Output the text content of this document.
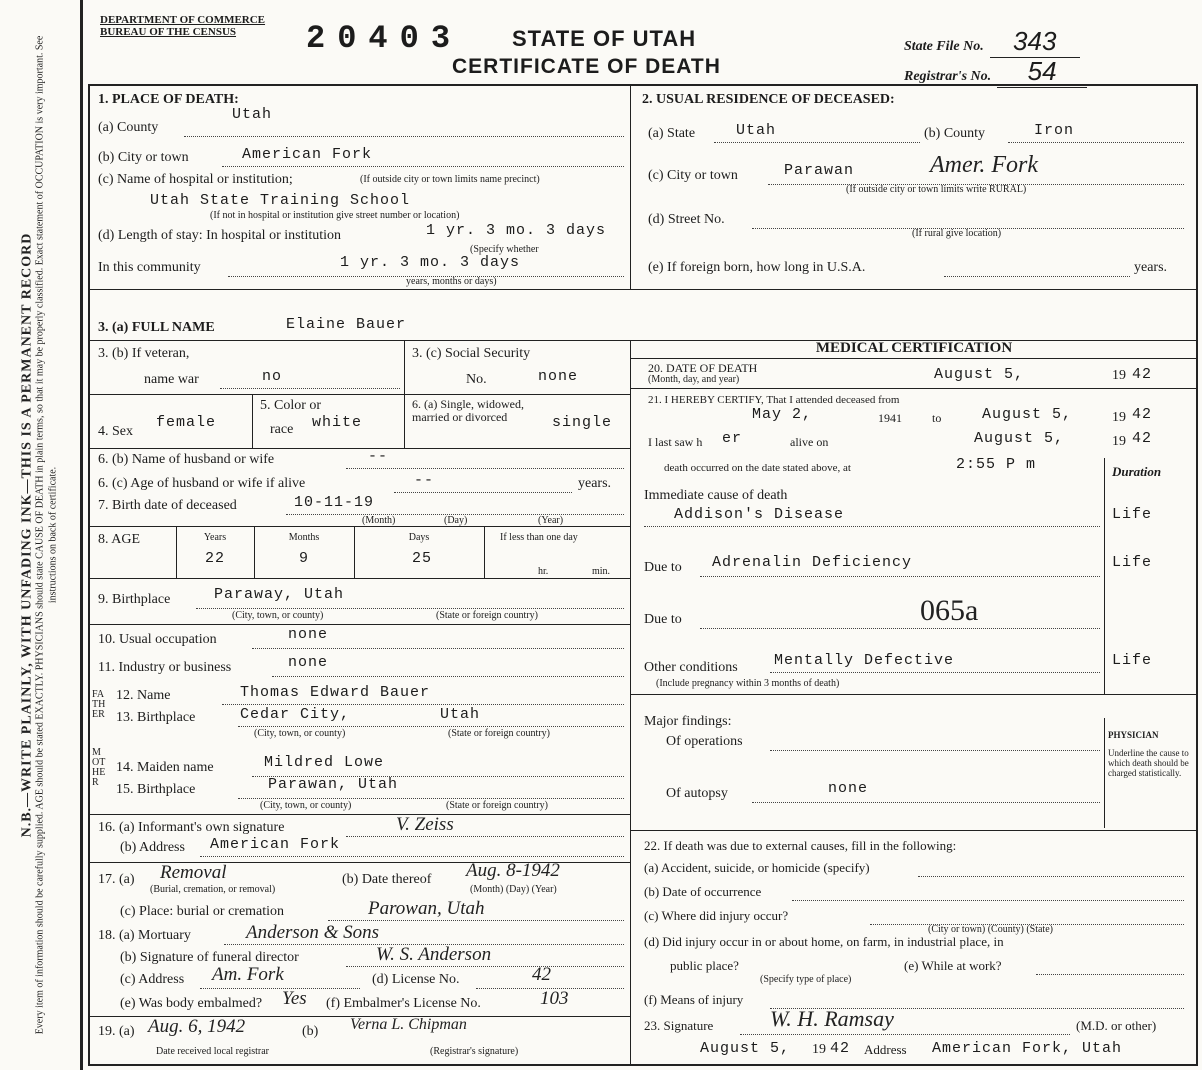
N.B.—WRITE PLAINLY, WITH UNFADING INK—THIS IS A PERMANENT RECORD Every item of information should be carefully supplied. AGE should be stated EXACTLY. PHYSICIANS should state CAUSE OF DEATH in plain terms, so that it may be properly classified. Exact statement of OCCUPATION is very important. See instructions on back of certificate.
DEPARTMENT OF COMMERCE
BUREAU OF THE CENSUS	20403 STATE OF UTAH
CERTIFICATE OF DEATH
State File No. 343
Registrar's No. 54
1. PLACE OF DEATH:
(a) County
Utah
(b) City or town	American Fork
(c) Name of hospital or institution;	(If outside city or town limits name precinct)
Utah State Training School
(If not in hospital or institution give street number or location)
(d) Length of stay: In hospital or institution	1 yr. 3 mo. 3 days
(Specify whether
In this community	1 yr. 3 mo. 3 days
years, months or days)
2. USUAL RESIDENCE OF DECEASED:
(a) State	Utah	(b) County	Iron
(c) City or town	Parawan	Amer. Fork
(If outside city or town limits write RURAL)
(d) Street No.
(If rural give location)
(e) If foreign born, how long in U.S.A.	years.
3. (a) FULL NAME	Elaine Bauer
3. (b) If veteran,
name war	no
3. (c) Social Security
No.	none
4. Sex
female
5. Color or
race white
6. (a) Single, widowed, married or divorced	single
6. (b) Name of husband or wife	--
6. (c) Age of husband or wife if alive	--	years.
7. Birth date of deceased	10-11-19
(Month)	(Day)	(Year)
8. AGE	Years
22
Months
9
Days
25
If less than one day
hr.	min.
9. Birthplace	Paraway, Utah
(City, town, or county)	(State or foreign country)
10. Usual occupation	none
11. Industry or business	none
FATHER
12. Name	Thomas Edward Bauer
13. Birthplace	Cedar City,	Utah
(City, town, or county)	(State or foreign country)
MOTHER
14. Maiden name	Mildred Lowe
15. Birthplace	Parawan, Utah
(City, town, or county)	(State or foreign country)
16. (a) Informant's own signature	V. Zeiss
(b) Address American Fork
17. (a) Removal
(Burial, cremation, or removal)
(b) Date thereof Aug. 8-1942
(Month) (Day) (Year)
(c) Place: burial or cremation	Parowan, Utah
18. (a) Mortuary	Anderson & Sons
(b) Signature of funeral director	W. S. Anderson
(c) Address Am. Fork	(d) License No.	42
(e) Was body embalmed? Yes (f) Embalmer's License No.	103
19. (a) Aug. 6, 1942	(b)
Date received local registrar
Verna L. Chipman
(Registrar's signature)
MEDICAL CERTIFICATION
20. DATE OF DEATH
(Month, day, and year)	August 5,	19 42
21. I HEREBY CERTIFY, That I attended deceased from
May 2,	1941	to	August 5,	19 42
I last saw h er	alive on	August 5,	19 42
death occurred on the date stated above, at	2:55 P m	Duration
Immediate cause of death
Addison's Disease	Life
Due to Adrenalin Deficiency	Life
Due to	065a
Other conditions Mentally Defective	Life
(Include pregnancy within 3 months of death)
Major findings:
Of operations
Of autopsy	none
PHYSICIAN
Underline the cause to which death should be charged statistically.
22. If death was due to external causes, fill in the following:
(a) Accident, suicide, or homicide (specify)
(b) Date of occurrence
(c) Where did injury occur?
(City or town) (County) (State)
(d) Did injury occur in or about home, on farm, in industrial place, in
public place?
(Specify type of place)
(e) While at work?
(f) Means of injury
23. Signature	W. H. Ramsay	(M.D. or other)
August 5, 19 42 Address American Fork, Utah
